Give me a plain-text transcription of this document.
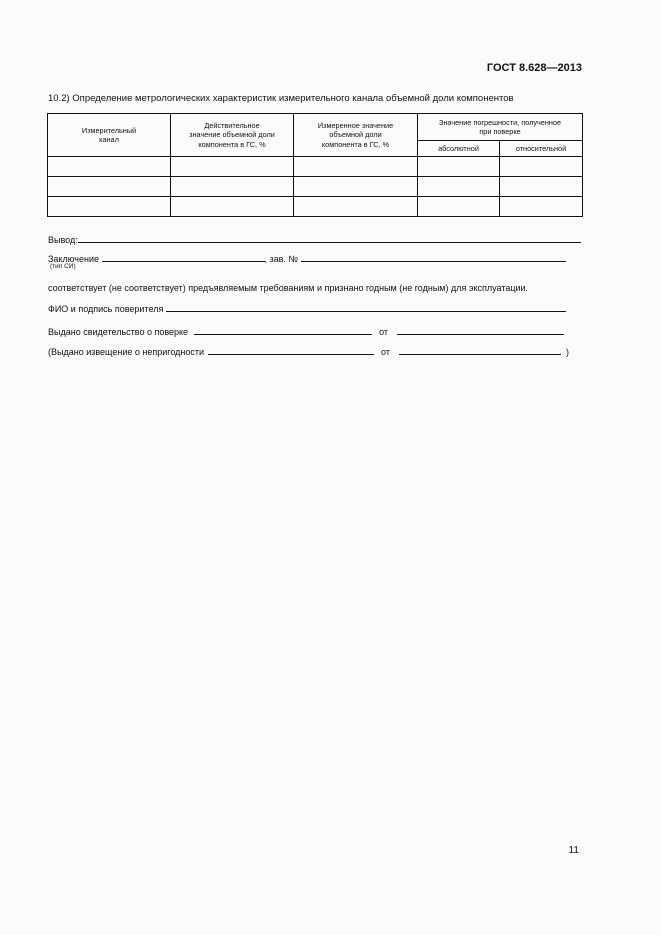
ГОСТ 8.628—2013
10.2) Определение метрологических характеристик измерительного канала объемной доли компонентов
Измерительный
канал	Действительное
значение объемной доли
компонента в ГС, %	Измеренное значение
объемной доли
компонента в ГС, %	Значение погрешности, полученное
при поверке	
			абсолютной	относительной

Вывод:
Заключение	, зав. №
(тип СИ)
соответствует (не соответствует) предъявляемым требованиям и признано годным (не годным) для эксплуатации.
ФИО и подпись поверителя
Выдано свидетельство о поверке	от
(Выдано извещение о непригодности	от	)
11
